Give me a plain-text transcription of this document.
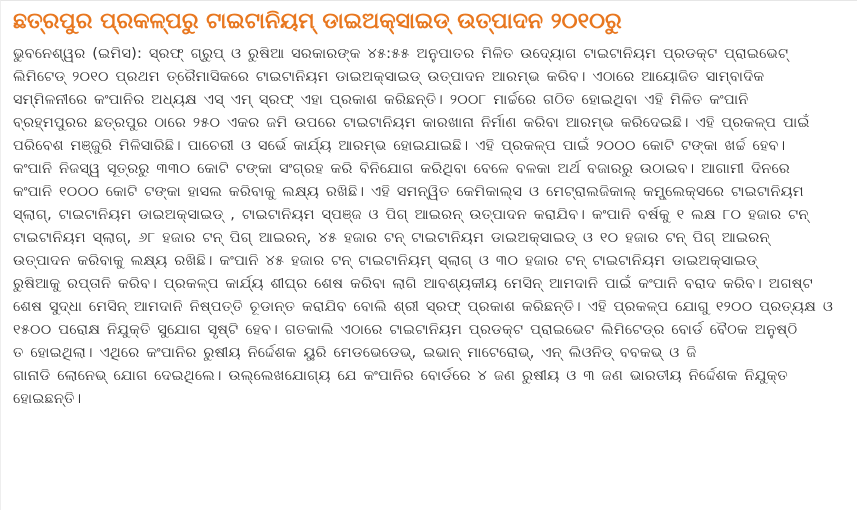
ଛତ୍ରପୁର ପ୍ରକଳ୍ପରୁ ଟାଇଟାନିୟମ୍ ଡାଇଅକ୍ସାଇଡ୍ ଉତ୍ପାଦନ ୨୦୧୦ରୁ
ଭୁବନେଶ୍ୱର (ଇମିସ): ସ୍ରଫ୍ ଗ୍ରୁପ୍ ଓ ରୁଷିଆ ସରକାରଙ୍କ ୪୫:୫୫ ଅନୁପାତର ମିଳିତ ଉଦ୍ୟୋଗ ଟାଇଟାନିୟମ ପ୍ରଡକ୍ଟ ପ୍ରାଇଭେଟ୍
ଲିମିଟେଡ୍ ୨୦୧୦ ପ୍ରଥମ ତ୍ରୈମାସିକରେ ଟାଇଟାନିୟମ ଡାଇଅକ୍ସାଇଡ୍ ଉତ୍ପାଦନ ଆରମ୍ଭ କରିବ। ଏଠାରେ ଆୟୋଜିତ ସାମ୍ବାଦିକ
ସମ୍ମିଳନୀରେ କଂପାନିର ଅଧ୍ୟକ୍ଷ ଏସ୍ ଏମ୍ ସ୍ରଫ୍ ଏହା ପ୍ରକାଶ କରିଛନ୍ତି। ୨୦୦୮ ମାର୍ଚ୍ଚରେ ଗଠିତ ହୋଇଥିବା ଏହି ମିଳିତ କଂପାନି
ବ୍ରହ୍ମପୁରର ଛତ୍ରପୁର ଠାରେ ୨୫୦ ଏକର ଜମି ଉପରେ ଟାଇଟାନିୟମ କାରଖାନା ନିର୍ମାଣ କରିବା ଆରମ୍ଭ କରିଦେଇଛି। ଏହି ପ୍ରକଳ୍ପ ପାଇଁ
ପରିବେଶ ମଞ୍ଜୁରି ମିଳିସାରିଛି। ପାଚେରୀ ଓ ସର୍ଭେ କାର୍ଯ୍ୟ ଆରମ୍ଭ ହୋଇଯାଇଛି। ଏହି ପ୍ରକଳ୍ପ ପାଇଁ ୨୦୦୦ କୋଟି ଟଙ୍କା ଖର୍ଚ୍ଚ ହେବ।
କଂପାନି ନିଜସ୍ୱ ସୂତ୍ରରୁ ୩୩୦ କୋଟି ଟଙ୍କା ସଂଗ୍ରହ କରି ବିନିଯୋଗ କରିଥିବା ବେଳେ ବଳକା ଅର୍ଥ ବଜାରରୁ ଉଠାଇବ। ଆଗାମୀ ଦିନରେ
କଂପାନି ୧୦୦୦ କୋଟି ଟଙ୍କା ହାସଲ କରିବାକୁ ଲକ୍ଷ୍ୟ ରଖିଛି। ଏହି ସମନ୍ୱିତ କେମିକାଲ୍ସ ଓ ମେଟ୍ରାଲଜିକାଲ୍ କମ୍ପ୍ଲେକ୍ସରେ ଟାଇଟାନିୟମ
ସ୍ଲାଗ୍, ଟାଇଟାନିୟମ ଡାଇଅକ୍ସାଇଡ୍ , ଟାଇଟାନିୟମ ସ୍ପଞ୍ଜ ଓ ପିଗ୍ ଆଇରନ୍ ଉତ୍ପାଦନ କରାଯିବ। କଂପାନି ବର୍ଷକୁ ୧ ଲକ୍ଷ ୮୦ ହଜାର ଟନ୍
ଟାଇଟାନିୟମ ସ୍ଲାଗ୍, ୬୮ ହଜାର ଟନ୍ ପିଗ୍ ଆଇରନ୍, ୪୫ ହଜାର ଟନ୍ ଟାଇଟାନିୟମ ଡାଇଅକ୍ସାଇଡ୍ ଓ ୧୦ ହଜାର ଟନ୍ ପିଗ୍ ଆଇରନ୍
ଉତ୍ପାଦନ କରିବାକୁ ଲକ୍ଷ୍ୟ ରଖିଛି। କଂପାନି ୪୫ ହଜାର ଟନ୍ ଟାଇଟାନିୟମ୍ ସ୍ଲାଗ୍ ଓ ୩୦ ହଜାର ଟନ୍ ଟାଇଟାନିୟମ ଡାଇଅକ୍ସାଇଡ୍
ରୁଷିଆକୁ ରପ୍ତାନି କରିବ। ପ୍ରକଳ୍ପ କାର୍ଯ୍ୟ ଶୀଘ୍ର ଶେଷ କରିବା ଲାଗି ଆବଶ୍ୟକୀୟ ମେସିନ୍ ଆମଦାନି ପାଇଁ କଂପାନି ବରାଦ କରିବ। ଅଗଷ୍ଟ
ଶେଷ ସୁଦ୍ଧା ମେସିନ୍ ଆମଦାନି ନିଷ୍ପତ୍ତି ଚୂଡାନ୍ତ କରାଯିବ ବୋଲି ଶ୍ରୀ ସ୍ରଫ୍ ପ୍ରକାଶ କରିଛନ୍ତି। ଏହି ପ୍ରକଳ୍ପ ଯୋଗୁ ୧୨୦୦ ପ୍ରତ୍ୟକ୍ଷ ଓ
୧୫୦୦ ପରୋକ୍ଷ ନିଯୁକ୍ତି ସୁଯୋଗ ସୃଷ୍ଟି ହେବ। ଗତକାଲି ଏଠାରେ ଟାଇଟାନିୟମ ପ୍ରଡକ୍ଟ ପ୍ରାଇଭେଟ ଲିମିଟେଡ୍‌ର ବୋର୍ଡ ବୈଠକ ଅନୁଷ୍ଠି
ତ ହୋଇଥିଲା। ଏଥିରେ କଂପାନିର ରୁଷୀୟ ନିର୍ଦ୍ଦେଶକ ୟୁରି ମେଡଭେଡେଭ୍, ଇଭାନ୍ ମାଟେରୋଭ୍, ଏନ୍ ଲିଓନିଡ୍ ବବକଭ୍ ଓ ଜି
ଗାନାଡି ଲୋନେଭ୍ ଯୋଗ ଦେଇଥିଲେ। ଉଲ୍ଲେଖଯୋଗ୍ୟ ଯେ କଂପାନିର ବୋର୍ଡରେ ୪ ଜଣ ରୁଷୀୟ ଓ ୩ ଜଣ ଭାରତୀୟ ନିର୍ଦ୍ଦେଶକ ନିଯୁକ୍ତ
ହୋଇଛନ୍ତି।
